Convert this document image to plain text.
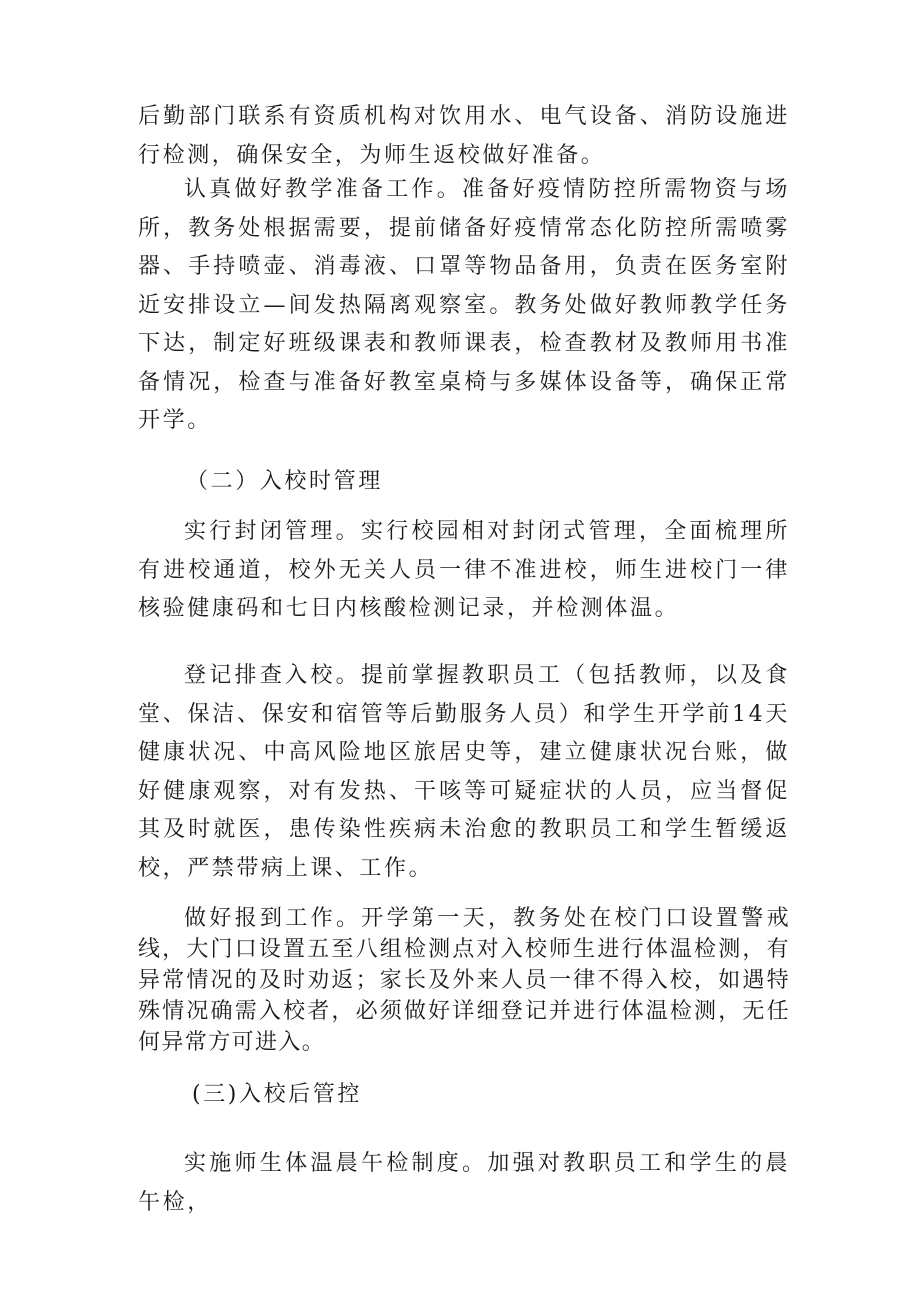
后勤部门联系有资质机构对饮用水、电气设备、消防设施进行检测，确保安全，为师生返校做好准备。

认真做好教学准备工作。准备好疫情防控所需物资与场所，教务处根据需要，提前储备好疫情常态化防控所需喷雾器、手持喷壶、消毒液、口罩等物品备用，负责在医务室附近安排设立—间发热隔离观察室。教务处做好教师教学任务下达，制定好班级课表和教师课表，检查教材及教师用书准备情况，检查与准备好教室桌椅与多媒体设备等，确保正常开学。

（二）入校时管理

实行封闭管理。实行校园相对封闭式管理，全面梳理所有进校通道，校外无关人员一律不准进校，师生进校门一律核验健康码和七日内核酸检测记录，并检测体温。

登记排查入校。提前掌握教职员工（包括教师，以及食堂、保洁、保安和宿管等后勤服务人员）和学生开学前14天健康状况、中高风险地区旅居史等，建立健康状况台账，做好健康观察，对有发热、干咳等可疑症状的人员，应当督促其及时就医，患传染性疾病未治愈的教职员工和学生暂缓返校，严禁带病上课、工作。

做好报到工作。开学第一天，教务处在校门口设置警戒线，大门口设置五至八组检测点对入校师生进行体温检测，有异常情况的及时劝返；家长及外来人员一律不得入校，如遇特殊情况确需入校者，必须做好详细登记并进行体温检测，无任何异常方可进入。

(三)入校后管控

实施师生体温晨午检制度。加强对教职员工和学生的晨午检，
